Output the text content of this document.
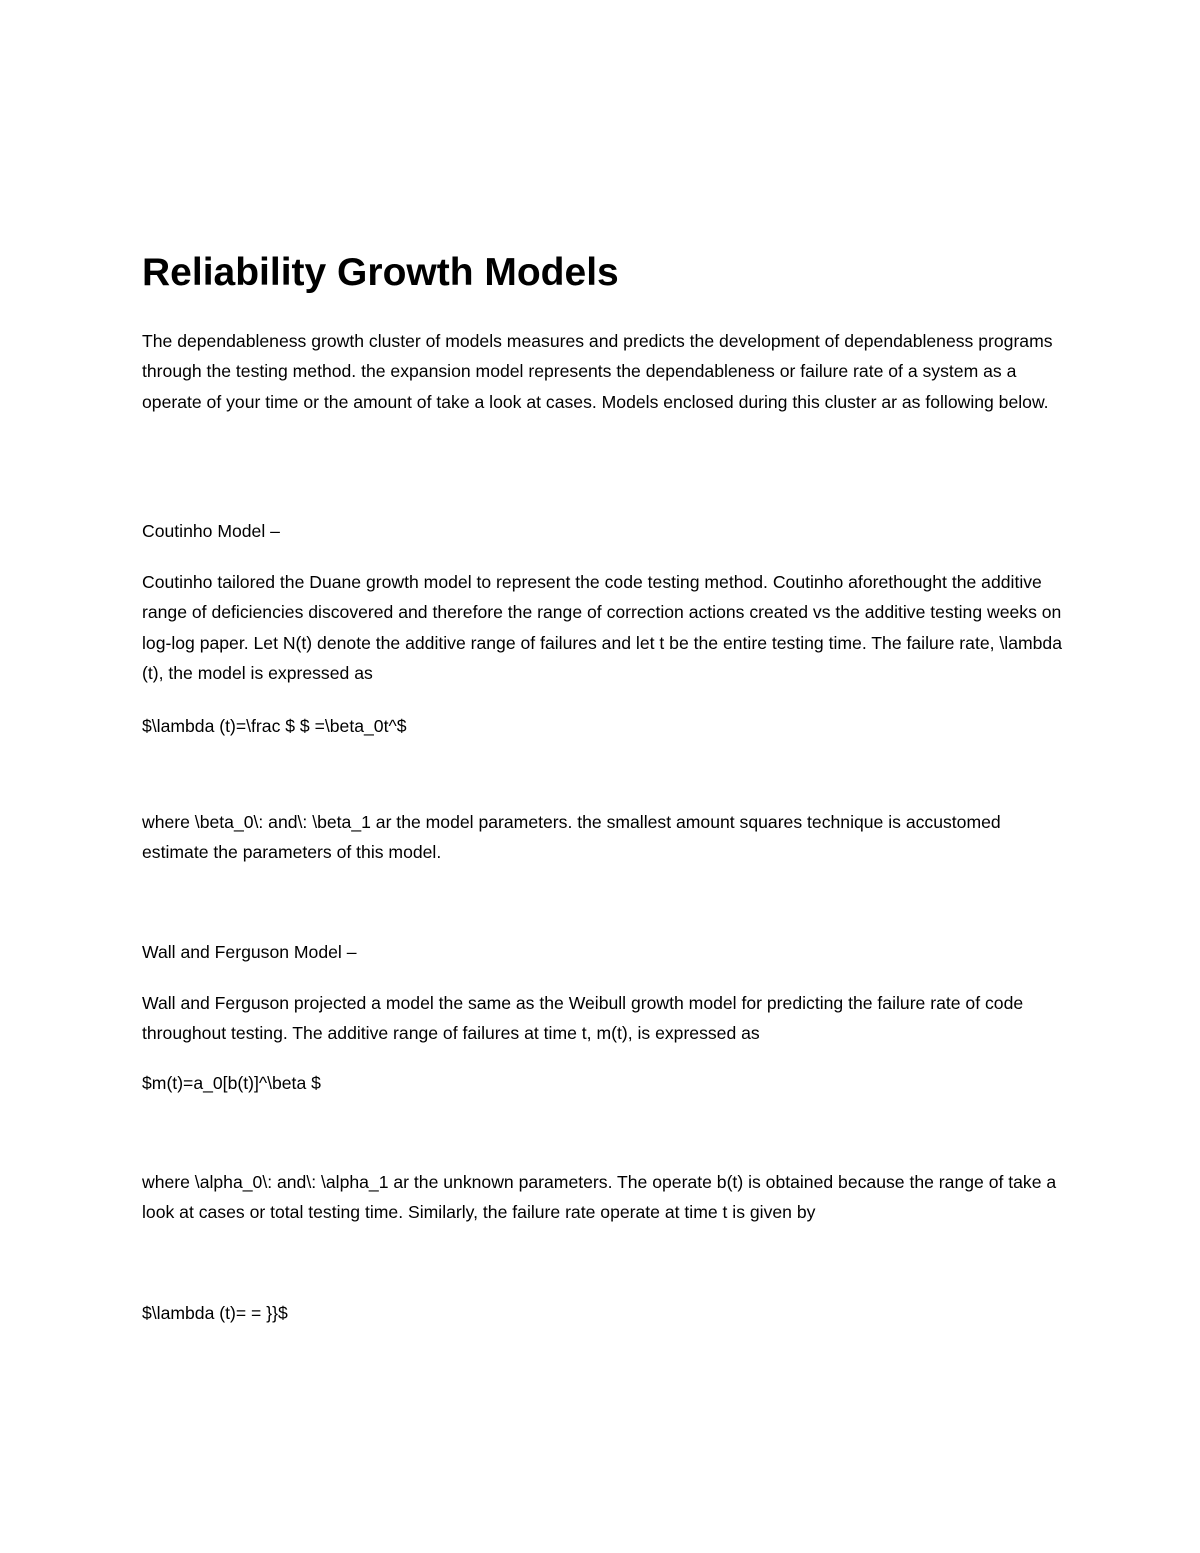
Reliability Growth Models

The dependableness growth cluster of models measures and predicts the development of dependableness programs through the testing method. the expansion model represents the dependableness or failure rate of a system as a operate of your time or the amount of take a look at cases. Models enclosed during this cluster ar as following below.

Coutinho Model –

Coutinho tailored the Duane growth model to represent the code testing method. Coutinho aforethought the additive range of deficiencies discovered and therefore the range of correction actions created vs the additive testing weeks on log-log paper. Let N(t) denote the additive range of failures and let t be the entire testing time. The failure rate, \lambda (t), the model is expressed as

$\lambda (t)=\frac $ $ =\beta_0t^$

where \beta_0\: and\: \beta_1 ar the model parameters. the smallest amount squares technique is accustomed estimate the parameters of this model.

Wall and Ferguson Model –

Wall and Ferguson projected a model the same as the Weibull growth model for predicting the failure rate of code throughout testing. The additive range of failures at time t, m(t), is expressed as

$m(t)=a_0[b(t)]^\beta $

where \alpha_0\: and\: \alpha_1 ar the unknown parameters. The operate b(t) is obtained because the range of take a look at cases or total testing time. Similarly, the failure rate operate at time t is given by

$\lambda (t)= = }}$
